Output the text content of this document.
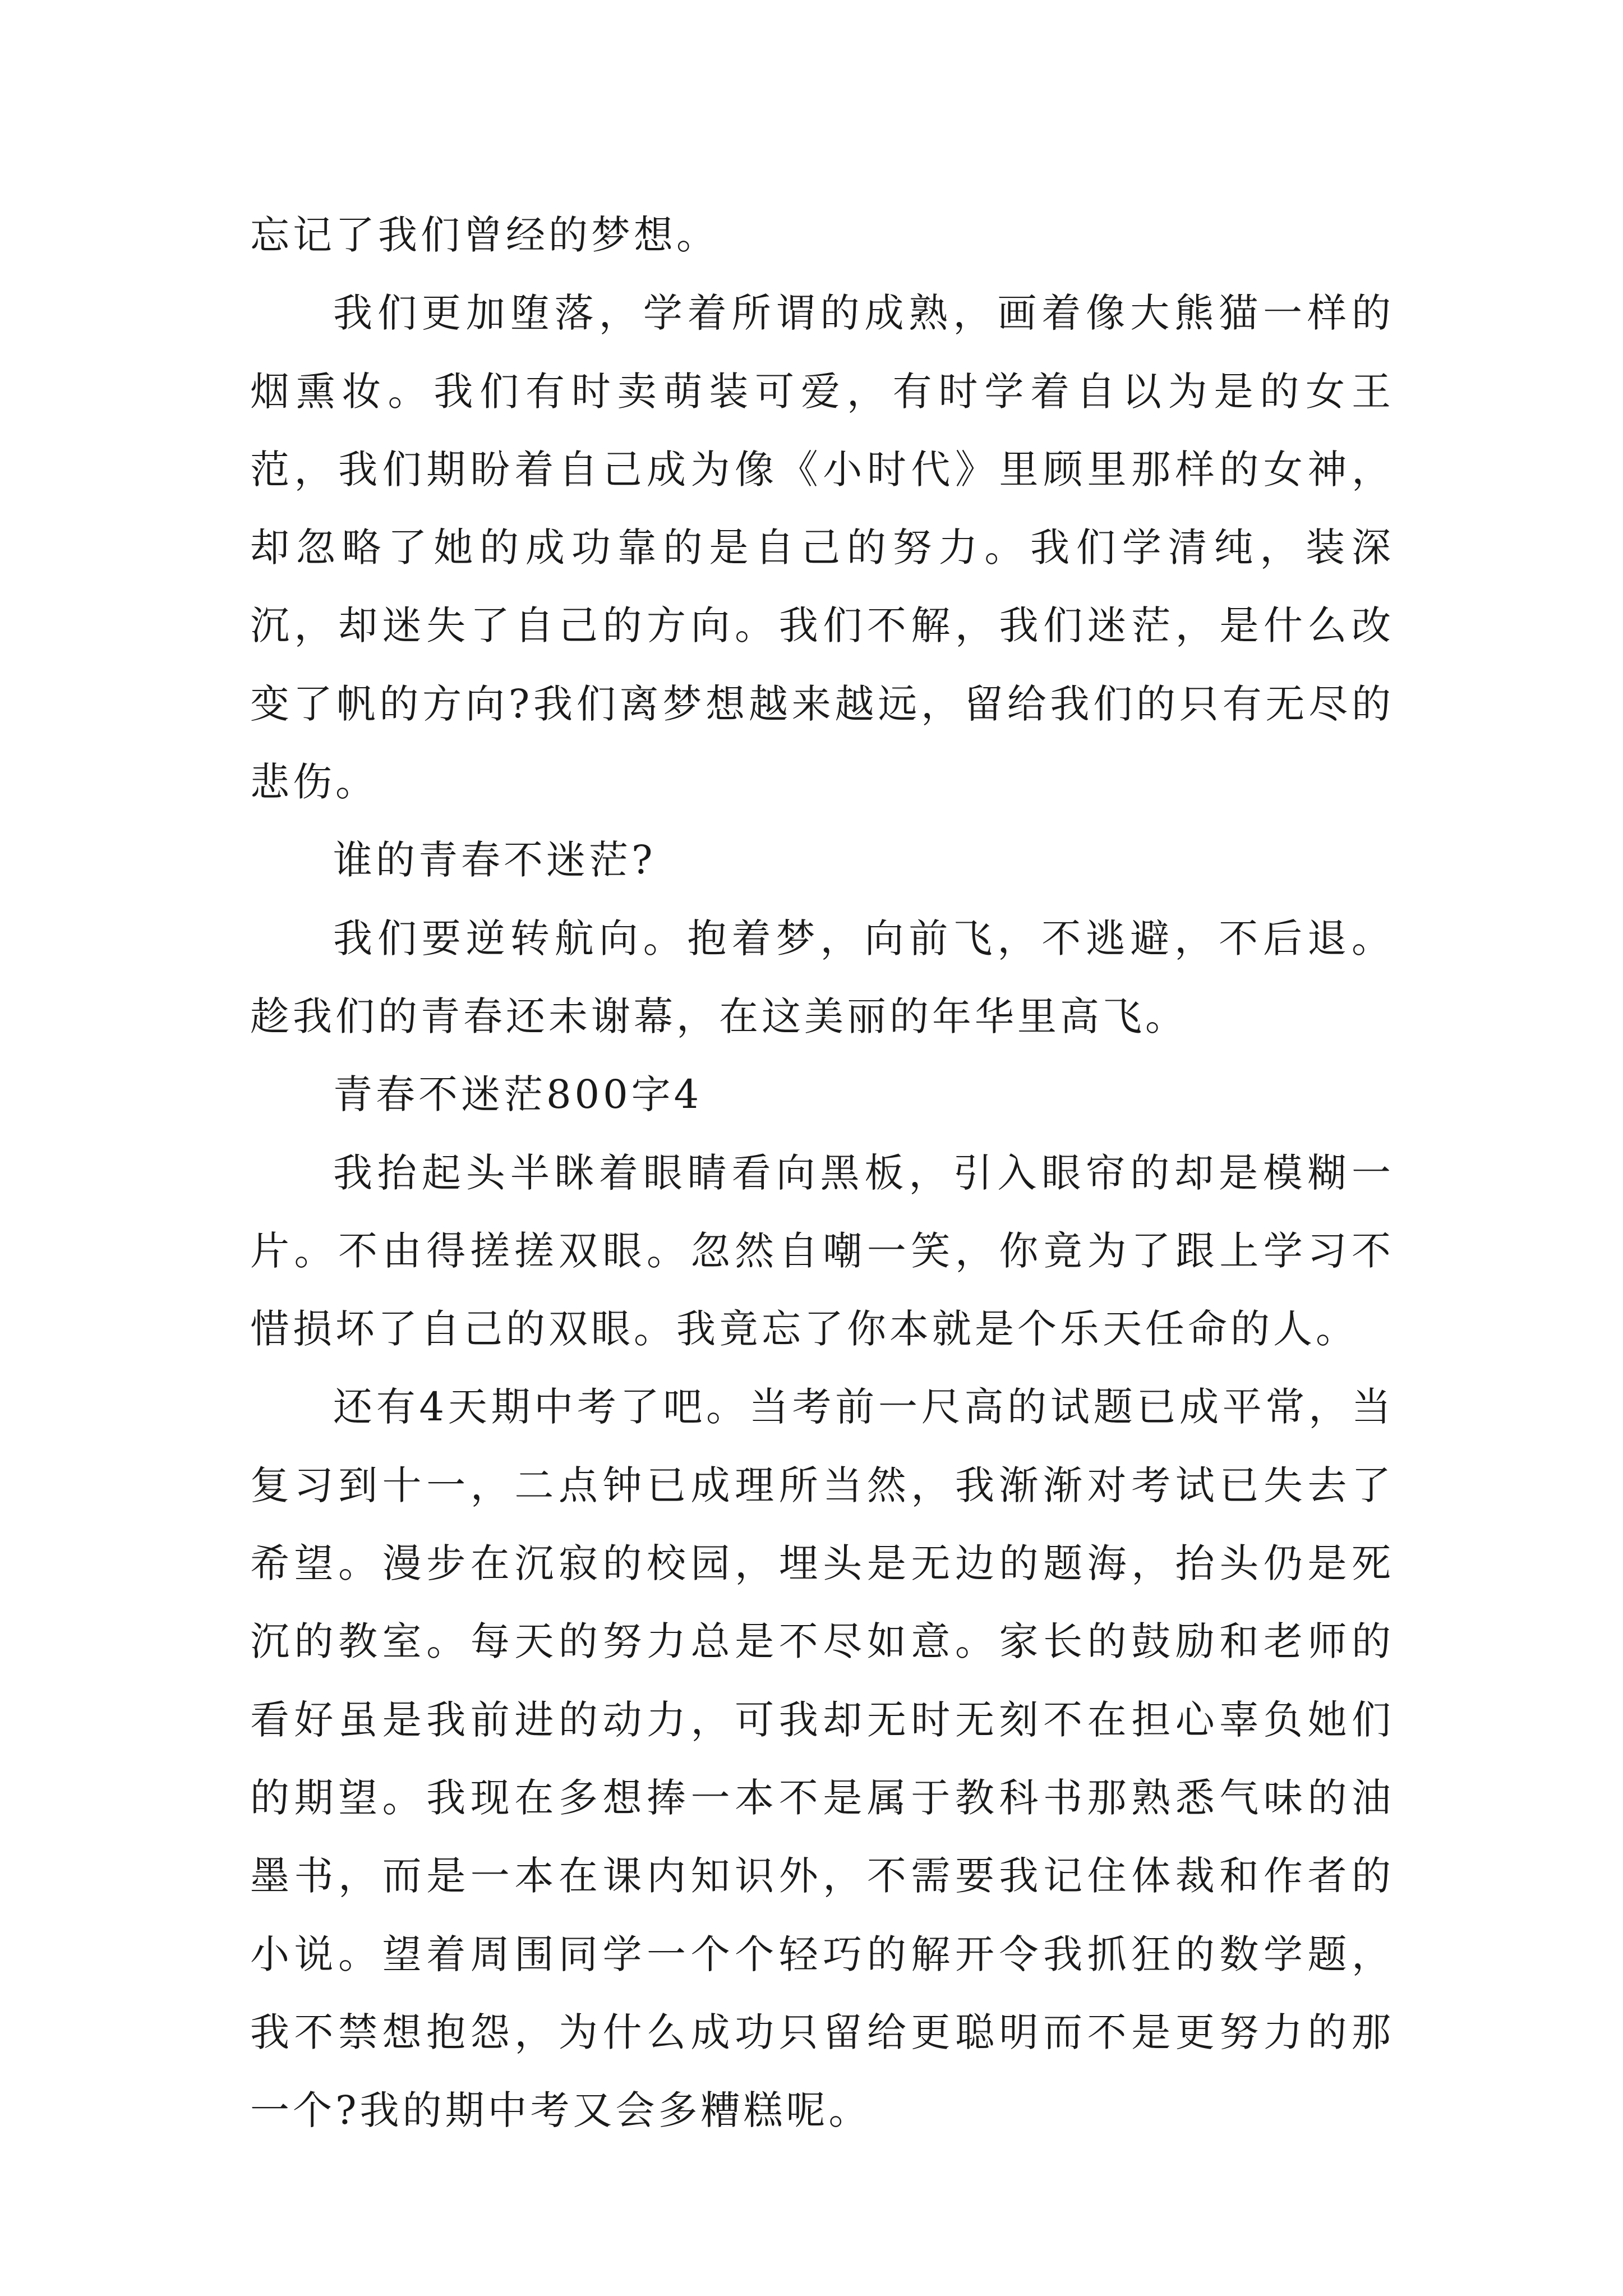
忘记了我们曾经的梦想。

我们更加堕落，学着所谓的成熟，画着像大熊猫一样的烟熏妆。我们有时卖萌装可爱，有时学着自以为是的女王范，我们期盼着自己成为像《小时代》里顾里那样的女神，却忽略了她的成功靠的是自己的努力。我们学清纯，装深沉，却迷失了自己的方向。我们不解，我们迷茫，是什么改变了帆的方向?我们离梦想越来越远，留给我们的只有无尽的悲伤。

谁的青春不迷茫?

我们要逆转航向。抱着梦，向前飞，不逃避，不后退。趁我们的青春还未谢幕，在这美丽的年华里高飞。

青春不迷茫800字4

我抬起头半眯着眼睛看向黑板，引入眼帘的却是模糊一片。不由得搓搓双眼。忽然自嘲一笑，你竟为了跟上学习不惜损坏了自己的双眼。我竟忘了你本就是个乐天任命的人。

还有4天期中考了吧。当考前一尺高的试题已成平常，当复习到十一，二点钟已成理所当然，我渐渐对考试已失去了希望。漫步在沉寂的校园，埋头是无边的题海，抬头仍是死沉的教室。每天的努力总是不尽如意。家长的鼓励和老师的看好虽是我前进的动力，可我却无时无刻不在担心辜负她们的期望。我现在多想捧一本不是属于教科书那熟悉气味的油墨书，而是一本在课内知识外，不需要我记住体裁和作者的小说。望着周围同学一个个轻巧的解开令我抓狂的数学题，我不禁想抱怨，为什么成功只留给更聪明而不是更努力的那一个?我的期中考又会多糟糕呢。
